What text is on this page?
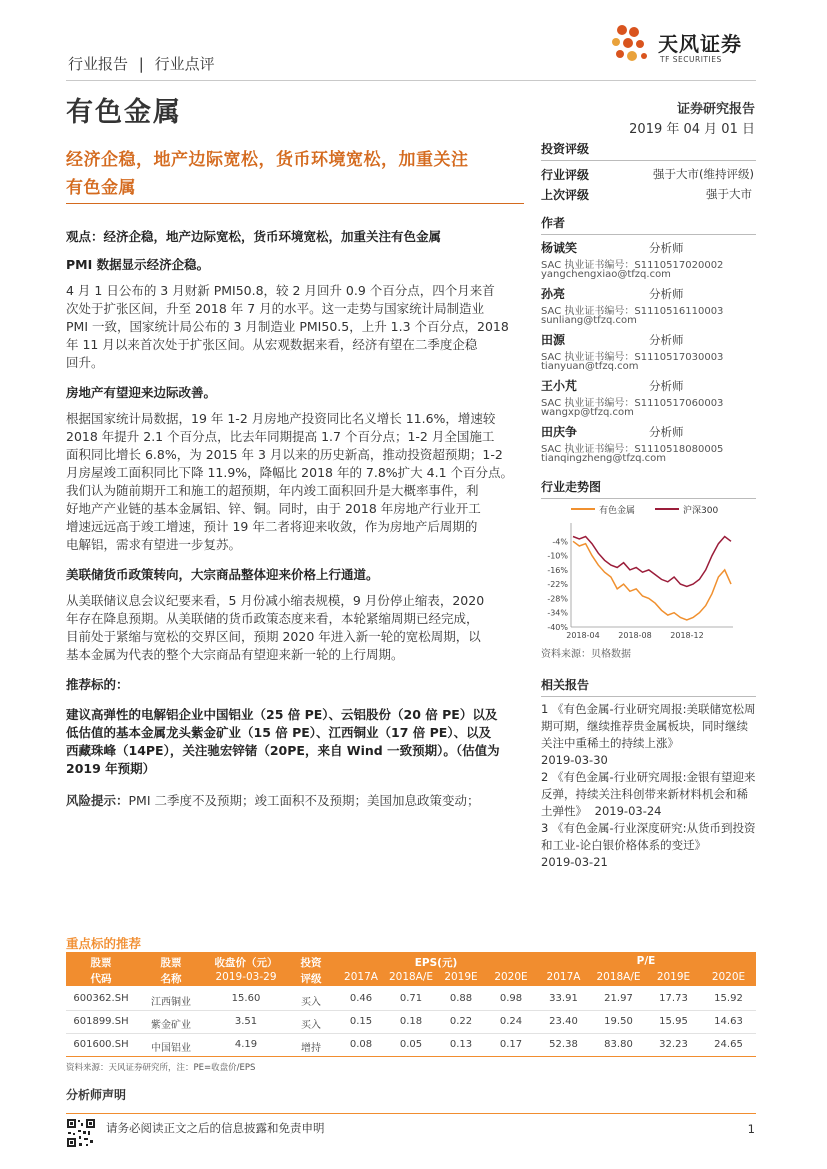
天风证券
TF SECURITIES
行业报告 | 行业点评
有色金属	证券研究报告
2019 年 04 月 01 日
经济企稳，地产边际宽松，货币环境宽松，加重关注
有色金属
观点：经济企稳，地产边际宽松，货币环境宽松，加重关注有色金属
PMI 数据显示经济企稳。
4 月 1 日公布的 3 月财新 PMI50.8，较 2 月回升 0.9 个百分点，四个月来首
次处于扩张区间，升至 2018 年 7 月的水平。这一走势与国家统计局制造业
PMI 一致，国家统计局公布的 3 月制造业 PMI50.5，上升 1.3 个百分点，2018
年 11 月以来首次处于扩张区间。从宏观数据来看，经济有望在二季度企稳
回升。
房地产有望迎来边际改善。
根据国家统计局数据，19 年 1-2 月房地产投资同比名义增长 11.6%，增速较
2018 年提升 2.1 个百分点，比去年同期提高 1.7 个百分点；1-2 月全国施工
面积同比增长 6.8%，为 2015 年 3 月以来的历史新高，推动投资超预期；1-2
月房屋竣工面积同比下降 11.9%，降幅比 2018 年的 7.8%扩大 4.1 个百分点。
我们认为随前期开工和施工的超预期，年内竣工面积回升是大概率事件，利
好地产产业链的基本金属铝、锌、铜。同时，由于 2018 年房地产行业开工
增速远远高于竣工增速，预计 19 年二者将迎来收敛，作为房地产后周期的
电解铝，需求有望进一步复苏。
美联储货币政策转向，大宗商品整体迎来价格上行通道。
从美联储议息会议纪要来看，5 月份减小缩表规模，9 月份停止缩表，2020
年存在降息预期。从美联储的货币政策态度来看，本轮紧缩周期已经完成，
目前处于紧缩与宽松的交界区间，预期 2020 年进入新一轮的宽松周期，以
基本金属为代表的整个大宗商品有望迎来新一轮的上行周期。
推荐标的：
建议高弹性的电解铝企业中国铝业（25 倍 PE）、云铝股份（20 倍 PE）以及
低估值的基本金属龙头紫金矿业（15 倍 PE）、江西铜业（17 倍 PE）、以及
西藏珠峰（14PE），关注驰宏锌锗（20PE，来自 Wind 一致预期）。（估值为
2019 年预期）
风险提示：PMI 二季度不及预期；竣工面积不及预期；美国加息政策变动；
投资评级
行业评级	强于大市(维持评级)
上次评级	强于大市
作者
杨诚笑	分析师
SAC 执业证书编号：S1110517020002
yangchengxiao@tfzq.com
孙亮	分析师
SAC 执业证书编号：S1110516110003
sunliang@tfzq.com
田源	分析师
SAC 执业证书编号：S1110517030003
tianyuan@tfzq.com
王小芃	分析师
SAC 执业证书编号：S1110517060003
wangxp@tfzq.com
田庆争	分析师
SAC 执业证书编号：S1110518080005
tianqingzheng@tfzq.com
行业走势图
有色金属	沪深300
-4%
-10%
-16%
-22%
-28%
-34%
-40%
2018-04 2018-08 2018-12
资料来源：贝格数据
相关报告
1 《有色金属-行业研究周报:美联储宽松周期可期，继续推荐贵金属板块，同时继续关注中重稀土的持续上涨》
2019-03-30
2 《有色金属-行业研究周报:金银有望迎来反弹，持续关注科创带来新材料机会和稀土弹性》 2019-03-24
3 《有色金属-行业深度研究:从货币到投资和工业-论白银价格体系的变迁》
2019-03-21
重点标的推荐
股票
代码
股票
名称
收盘价（元）
2019-03-29
投资
评级
EPS(元)	P/E
2017A	2018A/E	2019E	2020E	2017A	2018A/E	2019E	2020E
600362.SH	江西铜业	15.60	买入	0.46	0.71	0.88	0.98	33.91	21.97	17.73	15.92
601899.SH	紫金矿业	3.51	买入	0.15	0.18	0.22	0.24	23.40	19.50	15.95	14.63
601600.SH	中国铝业	4.19	增持	0.08	0.05	0.13	0.17	52.38	83.80	32.23	24.65
资料来源：天风证券研究所，注：PE=收盘价/EPS
分析师声明
请务必阅读正文之后的信息披露和免责申明	1
